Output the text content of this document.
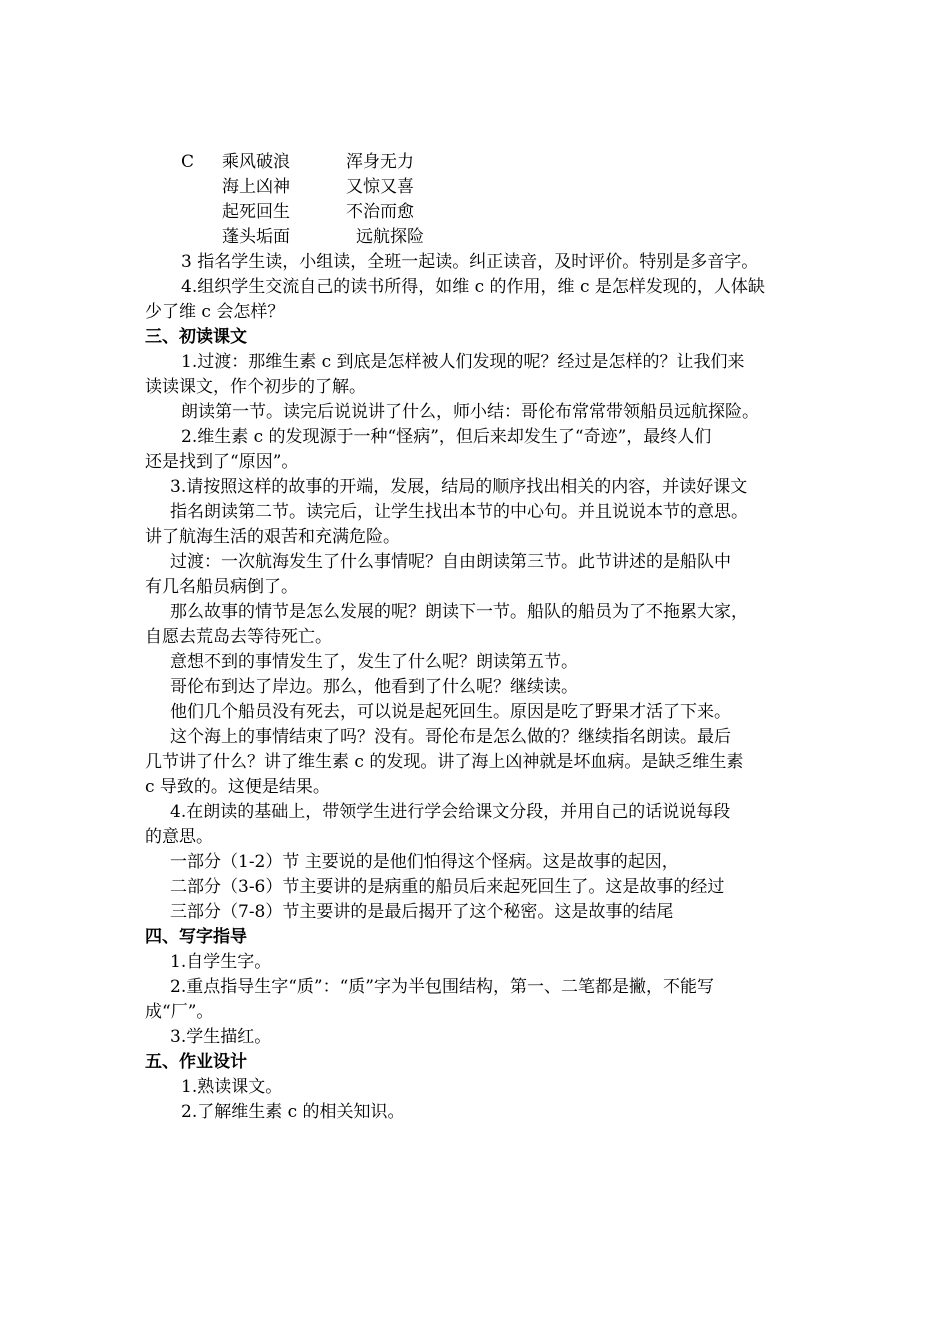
C 乘风破浪	浑身无力
海上凶神	又惊又喜
起死回生	不治而愈
蓬头垢面	远航探险
3 指名学生读，小组读，全班一起读。纠正读音，及时评价。特别是多音字。
4.组织学生交流自己的读书所得，如维 c 的作用，维 c 是怎样发现的，人体缺
少了维 c 会怎样？
三、初读课文
1.过渡：那维生素 c 到底是怎样被人们发现的呢？经过是怎样的？让我们来
读读课文，作个初步的了解。
朗读第一节。读完后说说讲了什么，师小结：哥伦布常常带领船员远航探险。
2.维生素 c 的发现源于一种“怪病”，但后来却发生了“奇迹”，最终人们
还是找到了“原因”。
3.请按照这样的故事的开端，发展，结局的顺序找出相关的内容，并读好课文
指名朗读第二节。读完后，让学生找出本节的中心句。并且说说本节的意思。
讲了航海生活的艰苦和充满危险。
过渡：一次航海发生了什么事情呢？自由朗读第三节。此节讲述的是船队中
有几名船员病倒了。
那么故事的情节是怎么发展的呢？朗读下一节。船队的船员为了不拖累大家，
自愿去荒岛去等待死亡。
意想不到的事情发生了，发生了什么呢？朗读第五节。
哥伦布到达了岸边。那么，他看到了什么呢？继续读。
他们几个船员没有死去，可以说是起死回生。原因是吃了野果才活了下来。
这个海上的事情结束了吗？没有。哥伦布是怎么做的？继续指名朗读。最后
几节讲了什么？讲了维生素 c 的发现。讲了海上凶神就是坏血病。是缺乏维生素
c 导致的。这便是结果。
4.在朗读的基础上，带领学生进行学会给课文分段，并用自己的话说说每段
的意思。
一部分（1-2）节 主要说的是他们怕得这个怪病。这是故事的起因，
二部分（3-6）节主要讲的是病重的船员后来起死回生了。这是故事的经过
三部分（7-8）节主要讲的是最后揭开了这个秘密。这是故事的结尾
四、写字指导
1.自学生字。
2.重点指导生字“质”：“质”字为半包围结构，第一、二笔都是撇，不能写
成“厂”。
3.学生描红。
五、作业设计
1.熟读课文。
2.了解维生素 c 的相关知识。
